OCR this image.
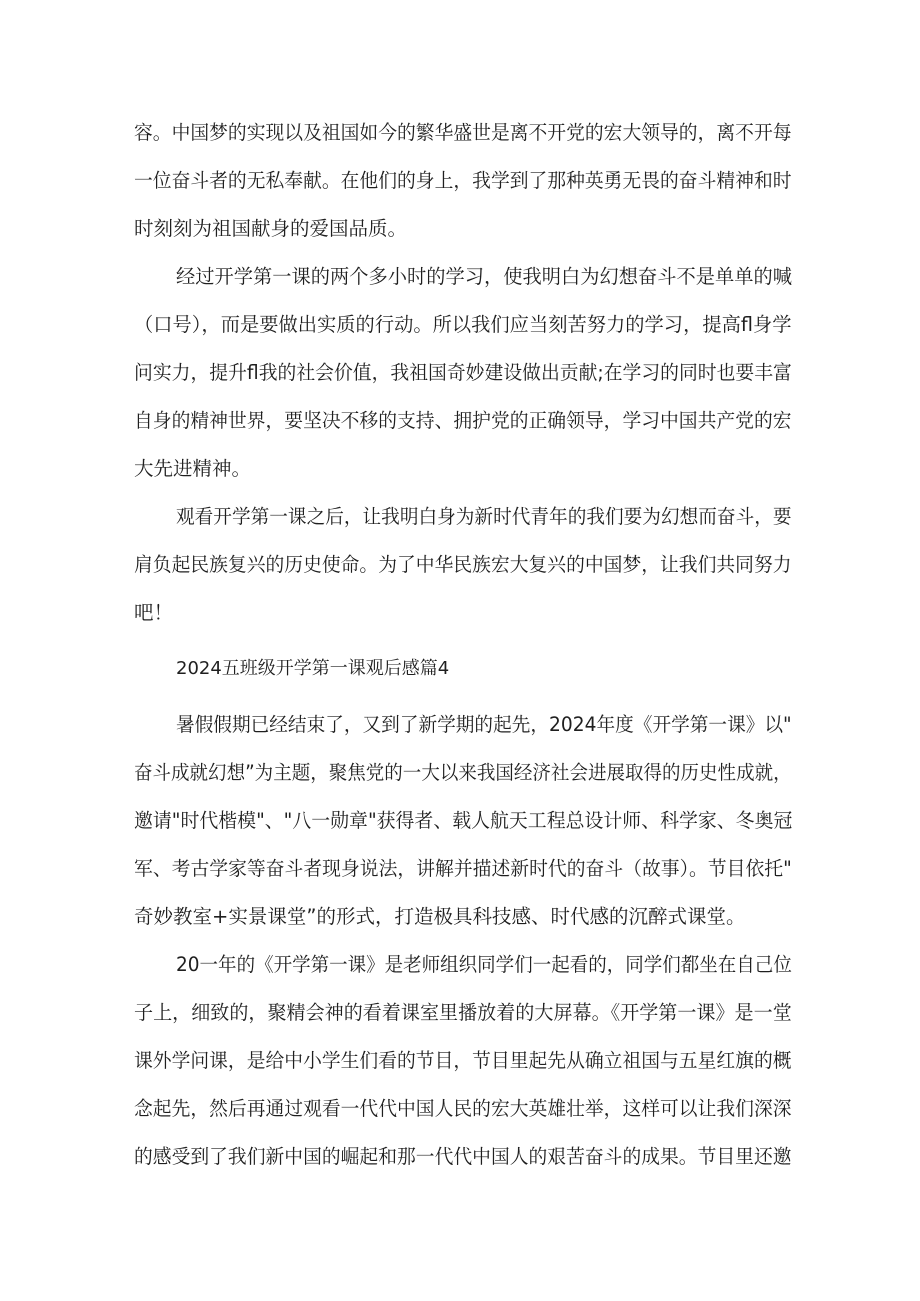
容。中国梦的实现以及祖国如今的繁华盛世是离不开党的宏大领导的，离不开每

一位奋斗者的无私奉献。在他们的身上，我学到了那种英勇无畏的奋斗精神和时

时刻刻为祖国献身的爱国品质。

经过开学第一课的两个多小时的学习，使我明白为幻想奋斗不是单单的喊

（口号），而是要做出实质的行动。所以我们应当刻苦努力的学习，提高fl身学

问实力，提升fl我的社会价值，我祖国奇妙建设做出贡献;在学习的同时也要丰富

自身的精神世界，要坚决不移的支持、拥护党的正确领导，学习中国共产党的宏

大先进精神。

观看开学第一课之后，让我明白身为新时代青年的我们要为幻想而奋斗，要

肩负起民族复兴的历史使命。为了中华民族宏大复兴的中国梦，让我们共同努力

吧！

2024五班级开学第一课观后感篇4

暑假假期已经结束了，又到了新学期的起先，2024年度《开学第一课》以"

奋斗成就幻想”为主题，聚焦党的一大以来我国经济社会进展取得的历史性成就，

邀请"时代楷模"、"八一勋章"获得者、载人航天工程总设计师、科学家、冬奥冠

军、考古学家等奋斗者现身说法，讲解并描述新时代的奋斗（故事）。节目依托"

奇妙教室+实景课堂”的形式，打造极具科技感、时代感的沉醉式课堂。

20一年的《开学第一课》是老师组织同学们一起看的，同学们都坐在自己位

子上，细致的，聚精会神的看着课室里播放着的大屏幕。《开学第一课》是一堂

课外学问课，是给中小学生们看的节目，节目里起先从确立祖国与五星红旗的概

念起先，然后再通过观看一代代中国人民的宏大英雄壮举，这样可以让我们深深

的感受到了我们新中国的崛起和那一代代中国人的艰苦奋斗的成果。节目里还邀
